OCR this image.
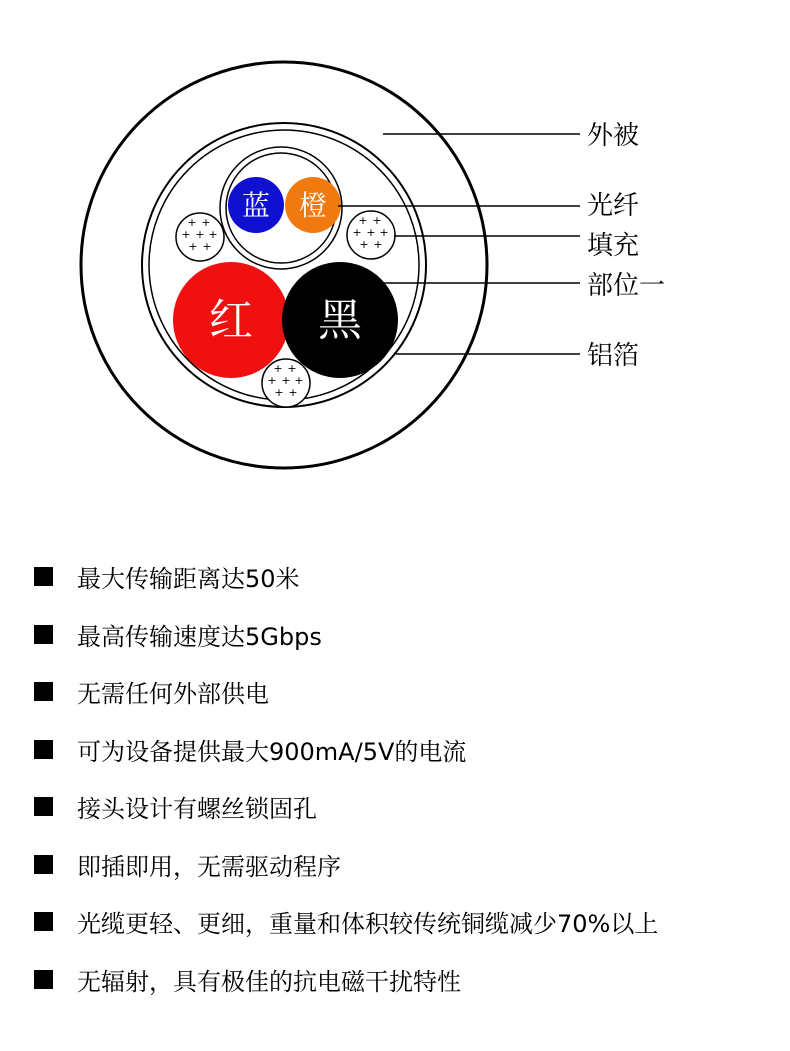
蓝 橙
红 黑
+ +
+ + +
+ +
+ +
+ + +
+ +
+ +
+ + +
+ +
外被
光纤
填充
部位一
铝箔
最大传输距离达50米
最高传输速度达5Gbps
无需任何外部供电
可为设备提供最大900mA/5V的电流
接头设计有螺丝锁固孔
即插即用，无需驱动程序
光缆更轻、更细，重量和体积较传统铜缆减少70%以上
无辐射，具有极佳的抗电磁干扰特性
